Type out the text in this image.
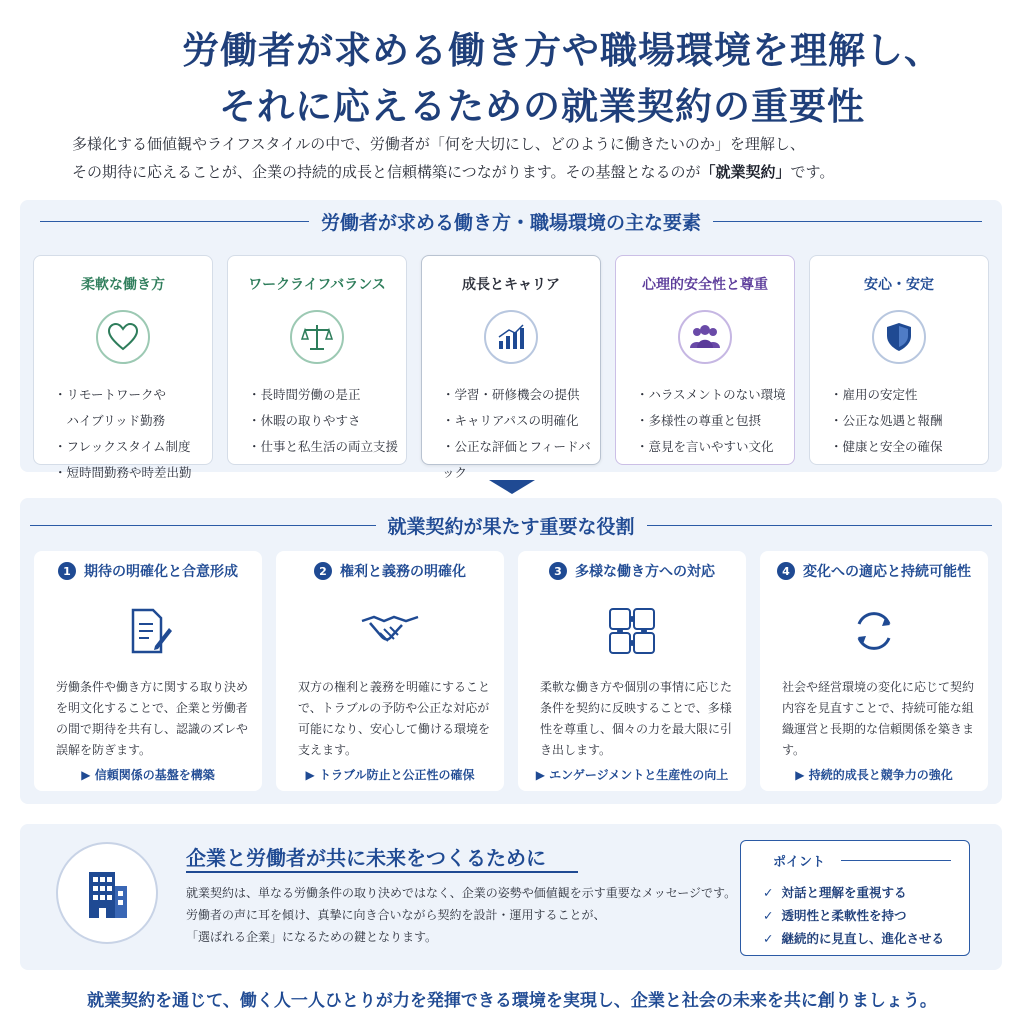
労働者が求める働き方や職場環境を理解し、
それに応えるための就業契約の重要性
多様化する価値観やライフスタイルの中で、労働者が「何を大切にし、どのように働きたいのか」を理解し、
その期待に応えることが、企業の持続的成長と信頼構築につながります。その基盤となるのが「就業契約」です。
労働者が求める働き方・職場環境の主な要素
柔軟な働き方
・リモートワークや
　ハイブリッド勤務
・フレックスタイム制度
・短時間勤務や時差出勤
ワークライフバランス
・長時間労働の是正
・休暇の取りやすさ
・仕事と私生活の両立支援
成長とキャリア
・学習・研修機会の提供
・キャリアパスの明確化
・公正な評価とフィードバック
心理的安全性と尊重
・ハラスメントのない環境
・多様性の尊重と包摂
・意見を言いやすい文化
安心・安定
・雇用の安定性
・公正な処遇と報酬
・健康と安全の確保
就業契約が果たす重要な役割
1 期待の明確化と合意形成

労働条件や働き方に関する取り決めを明文化することで、企業と労働者の間で期待を共有し、認識のズレや誤解を防ぎます。

▶ 信頼関係の基盤を構築
2 権利と義務の明確化

双方の権利と義務を明確にすることで、トラブルの予防や公正な対応が可能になり、安心して働ける環境を支えます。

▶ トラブル防止と公正性の確保
3 多様な働き方への対応

柔軟な働き方や個別の事情に応じた条件を契約に反映することで、多様性を尊重し、個々の力を最大限に引き出します。

▶ エンゲージメントと生産性の向上
4 変化への適応と持続可能性

社会や経営環境の変化に応じて契約内容を見直すことで、持続可能な組織運営と長期的な信頼関係を築きます。

▶ 持続的成長と競争力の強化
企業と労働者が共に未来をつくるために
就業契約は、単なる労働条件の取り決めではなく、企業の姿勢や価値観を示す重要なメッセージです。
労働者の声に耳を傾け、真摯に向き合いながら契約を設計・運用することが、
「選ばれる企業」になるための鍵となります。
ポイント
✓ 対話と理解を重視する
✓ 透明性と柔軟性を持つ
✓ 継続的に見直し、進化させる
就業契約を通じて、働く人一人ひとりが力を発揮できる環境を実現し、企業と社会の未来を共に創りましょう。
